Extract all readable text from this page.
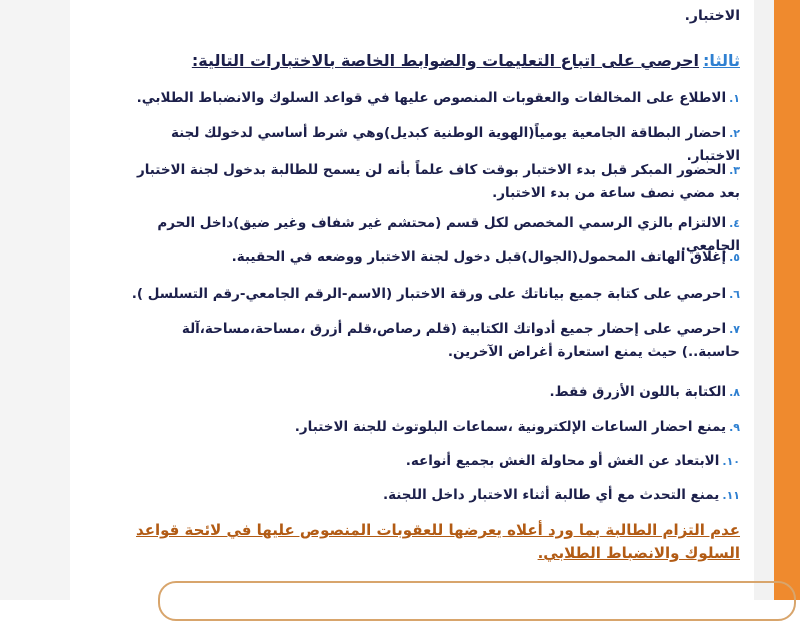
الاختبار.
ثالثا:احرصي على اتباع التعليمات والضوابط الخاصة بالاختبارات التالية:
١.الاطلاع على المخالفات والعقوبات المنصوص عليها في قواعد السلوك والانضباط الطلابي.
٢.احضار البطاقة الجامعية يومياً(الهوية الوطنية كبديل)وهي شرط أساسي لدخولك لجنة الاختبار.
٣.الحضور المبكر قبل بدء الاختبار بوقت كاف علماً بأنه لن يسمح للطالبة بدخول لجنة الاختبار بعد مضي نصف ساعة من بدء الاختبار.
٤.الالتزام بالزي الرسمي المخصص لكل قسم (محتشم غير شفاف وغير ضيق)داخل الحرم الجامعي.
٥.إغلاق الهاتف المحمول(الجوال)قبل دخول لجنة الاختبار ووضعه في الحقيبة.
٦.احرصي على كتابة جميع بياناتك على ورقة الاختبار (الاسم-الرقم الجامعي-رقم التسلسل ).
٧.احرصي على إحضار جميع أدواتك الكتابية (قلم رصاص،قلم أزرق ،مساحة،مساحة،آلة حاسبة..) حيث يمنع استعارة أغراض الآخرين.
٨.الكتابة باللون الأزرق فقط.
٩.يمنع احضار الساعات الإلكترونية ،سماعات البلوتوث للجنة الاختبار.
١٠.الابتعاد عن الغش أو محاولة الغش بجميع أنواعه.
١١.يمنع التحدث مع أي طالبة أثناء الاختبار داخل اللجنة.
عدم التزام الطالبة بما ورد أعلاه يعرضها للعقوبات المنصوص عليها في لائحة قواعد السلوك والانضباط الطلابي.
